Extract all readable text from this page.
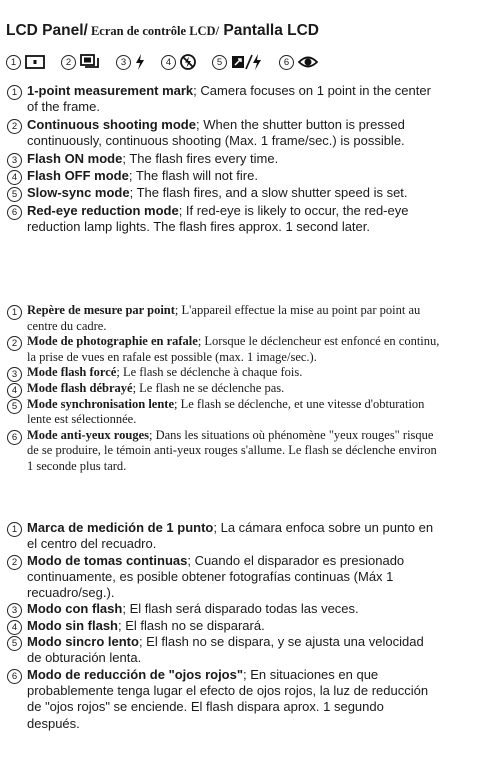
LCD Panel/ Ecran de contrôle LCD/ Pantalla LCD
1	2	3	4	5	6
1 1-point measurement mark; Camera focuses on 1 point in the center of the frame.
2 Continuous shooting mode; When the shutter button is pressed continuously, continuous shooting (Max. 1 frame/sec.) is possible.
3 Flash ON mode; The flash fires every time.
4 Flash OFF mode; The flash will not fire.
5 Slow-sync mode; The flash fires, and a slow shutter speed is set.
6 Red-eye reduction mode; If red-eye is likely to occur, the red-eye reduction lamp lights. The flash fires approx. 1 second later.
1 Repère de mesure par point; L'appareil effectue la mise au point par point au centre du cadre.
2 Mode de photographie en rafale; Lorsque le déclencheur est enfoncé en continu, la prise de vues en rafale est possible (max. 1 image/sec.).
3 Mode flash forcé; Le flash se déclenche à chaque fois.
4 Mode flash débrayé; Le flash ne se déclenche pas.
5 Mode synchronisation lente; Le flash se déclenche, et une vitesse d'obturation lente est sélectionnée.
6 Mode anti-yeux rouges; Dans les situations où phénomène "yeux rouges" risque de se produire, le témoin anti-yeux rouges s'allume. Le flash se déclenche environ 1 seconde plus tard.
1 Marca de medición de 1 punto; La cámara enfoca sobre un punto en el centro del recuadro.
2 Modo de tomas continuas; Cuando el disparador es presionado continuamente, es posible obtener fotografías continuas (Máx 1 recuadro/seg.).
3 Modo con flash; El flash será disparado todas las veces.
4 Modo sin flash; El flash no se disparará.
5 Modo sincro lento; El flash no se dispara, y se ajusta una velocidad de obturación lenta.
6 Modo de reducción de "ojos rojos"; En situaciones en que probablemente tenga lugar el efecto de ojos rojos, la luz de reducción de "ojos rojos" se enciende. El flash dispara aprox. 1 segundo después.
